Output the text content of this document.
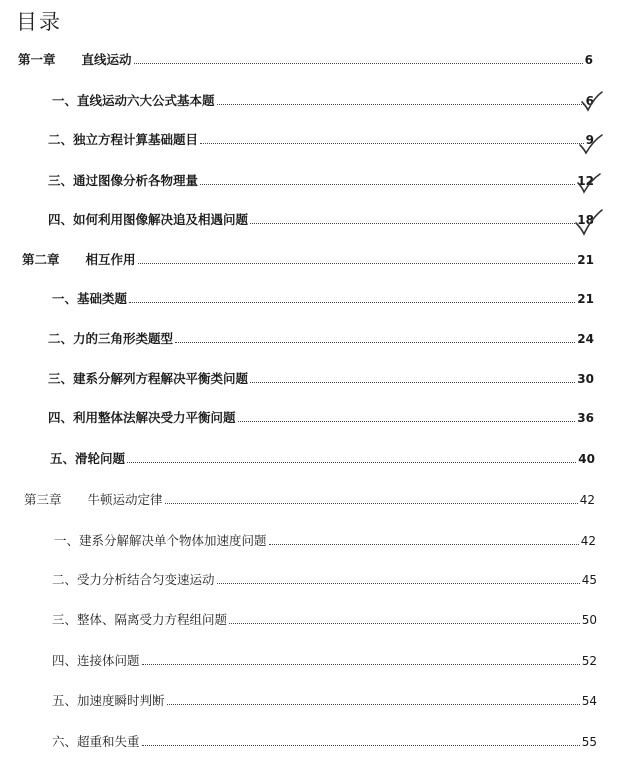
目录
第一章 直线运动	6
一、直线运动六大公式基本题	6
二、独立方程计算基础题目	9
三、通过图像分析各物理量	12
四、如何利用图像解决追及相遇问题	18
第二章 相互作用	21
一、基础类题	21
二、力的三角形类题型	24
三、建系分解列方程解决平衡类问题	30
四、利用整体法解决受力平衡问题	36
五、滑轮问题	40
第三章 牛顿运动定律	42
一、建系分解解决单个物体加速度问题	42
二、受力分析结合匀变速运动	45
三、整体、隔离受力方程组问题	50
四、连接体问题	52
五、加速度瞬时判断	54
六、超重和失重	55
